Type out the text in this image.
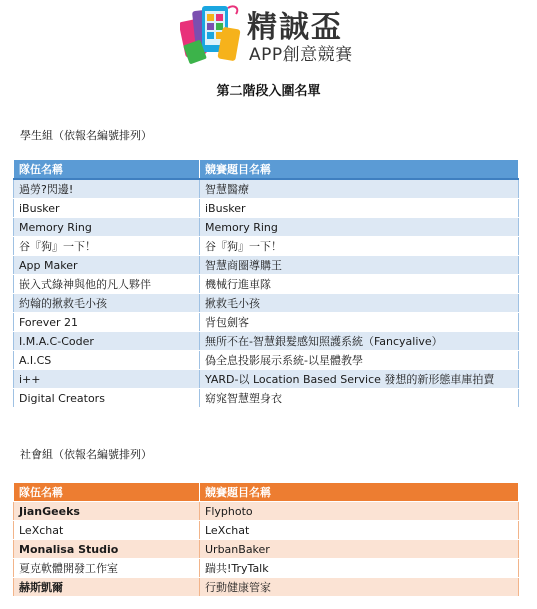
精誠盃
APP創意競賽
第二階段入圍名單
學生組（依報名編號排列）
隊伍名稱	競賽題目名稱
過勞?閃邊!	智慧醫療
iBusker	iBusker
Memory Ring	Memory Ring
谷『狗』一下！	谷『狗』一下！
App Maker	智慧商圈導購王
嵌入式綠神與他的凡人夥伴	機械行進車隊
約翰的揪救毛小孩	揪救毛小孩
Forever 21	背包劍客
I.M.A.C-Coder	無所不在-智慧銀髮感知照護系統（Fancyalive）
A.I.CS	偽全息投影展示系統-以星體教學
i++	YARD-以 Location Based Service 發想的新形態車庫拍賣
Digital Creators	窈窕智慧塑身衣
社會組（依報名編號排列）
隊伍名稱	競賽題目名稱
JianGeeks	Flyphoto
LeXchat	LeXchat
Monalisa Studio	UrbanBaker
夏克軟體開發工作室	踹共!TryTalk
赫斯凱爾	行動健康管家
